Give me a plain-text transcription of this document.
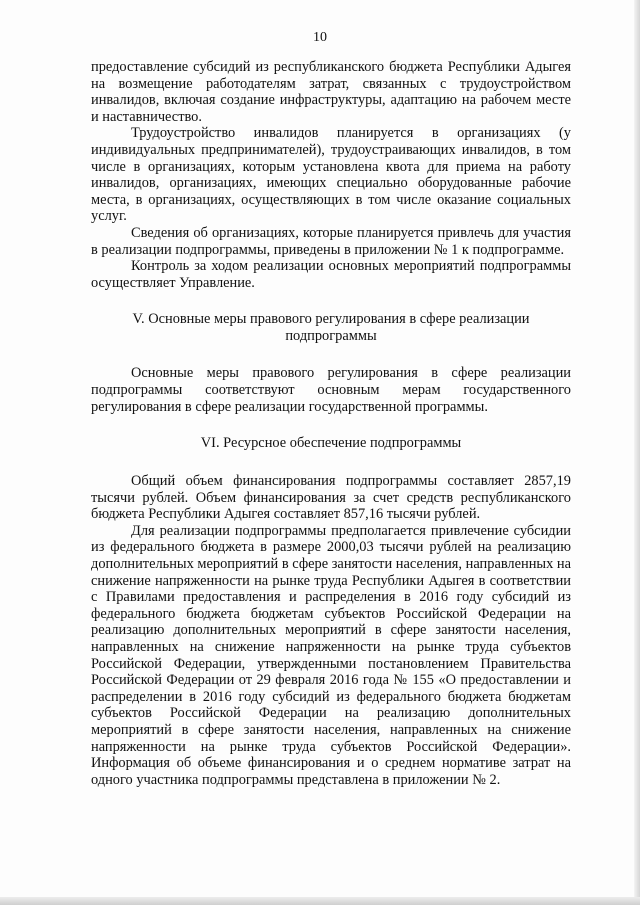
10

предоставление субсидий из республиканского бюджета Республики Адыгея на возмещение работодателям затрат, связанных с трудоустройством инвалидов, включая создание инфраструктуры, адаптацию на рабочем месте и наставничество.

Трудоустройство инвалидов планируется в организациях (у индивидуальных предпринимателей), трудоустраивающих инвалидов, в том числе в организациях, которым установлена квота для приема на работу инвалидов, организациях, имеющих специально оборудованные рабочие места, в организациях, осуществляющих в том числе оказание социальных услуг.

Сведения об организациях, которые планируется привлечь для участия в реализации подпрограммы, приведены в приложении № 1 к подпрограмме.

Контроль за ходом реализации основных мероприятий подпрограммы осуществляет Управление.

V. Основные меры правового регулирования в сфере реализации подпрограммы

Основные меры правового регулирования в сфере реализации подпрограммы соответствуют основным мерам государственного регулирования в сфере реализации государственной программы.

VI. Ресурсное обеспечение подпрограммы

Общий объем финансирования подпрограммы составляет 2857,19 тысячи рублей. Объем финансирования за счет средств республиканского бюджета Республики Адыгея составляет 857,16 тысячи рублей.

Для реализации подпрограммы предполагается привлечение субсидии из федерального бюджета в размере 2000,03 тысячи рублей на реализацию дополнительных мероприятий в сфере занятости населения, направленных на снижение напряженности на рынке труда Республики Адыгея в соответствии с Правилами предоставления и распределения в 2016 году субсидий из федерального бюджета бюджетам субъектов Российской Федерации на реализацию дополнительных мероприятий в сфере занятости населения, направленных на снижение напряженности на рынке труда субъектов Российской Федерации, утвержденными постановлением Правительства Российской Федерации от 29 февраля 2016 года № 155 «О предоставлении и распределении в 2016 году субсидий из федерального бюджета бюджетам субъектов Российской Федерации на реализацию дополнительных мероприятий в сфере занятости населения, направленных на снижение напряженности на рынке труда субъектов Российской Федерации». Информация об объеме финансирования и о среднем нормативе затрат на одного участника подпрограммы представлена в приложении № 2.
